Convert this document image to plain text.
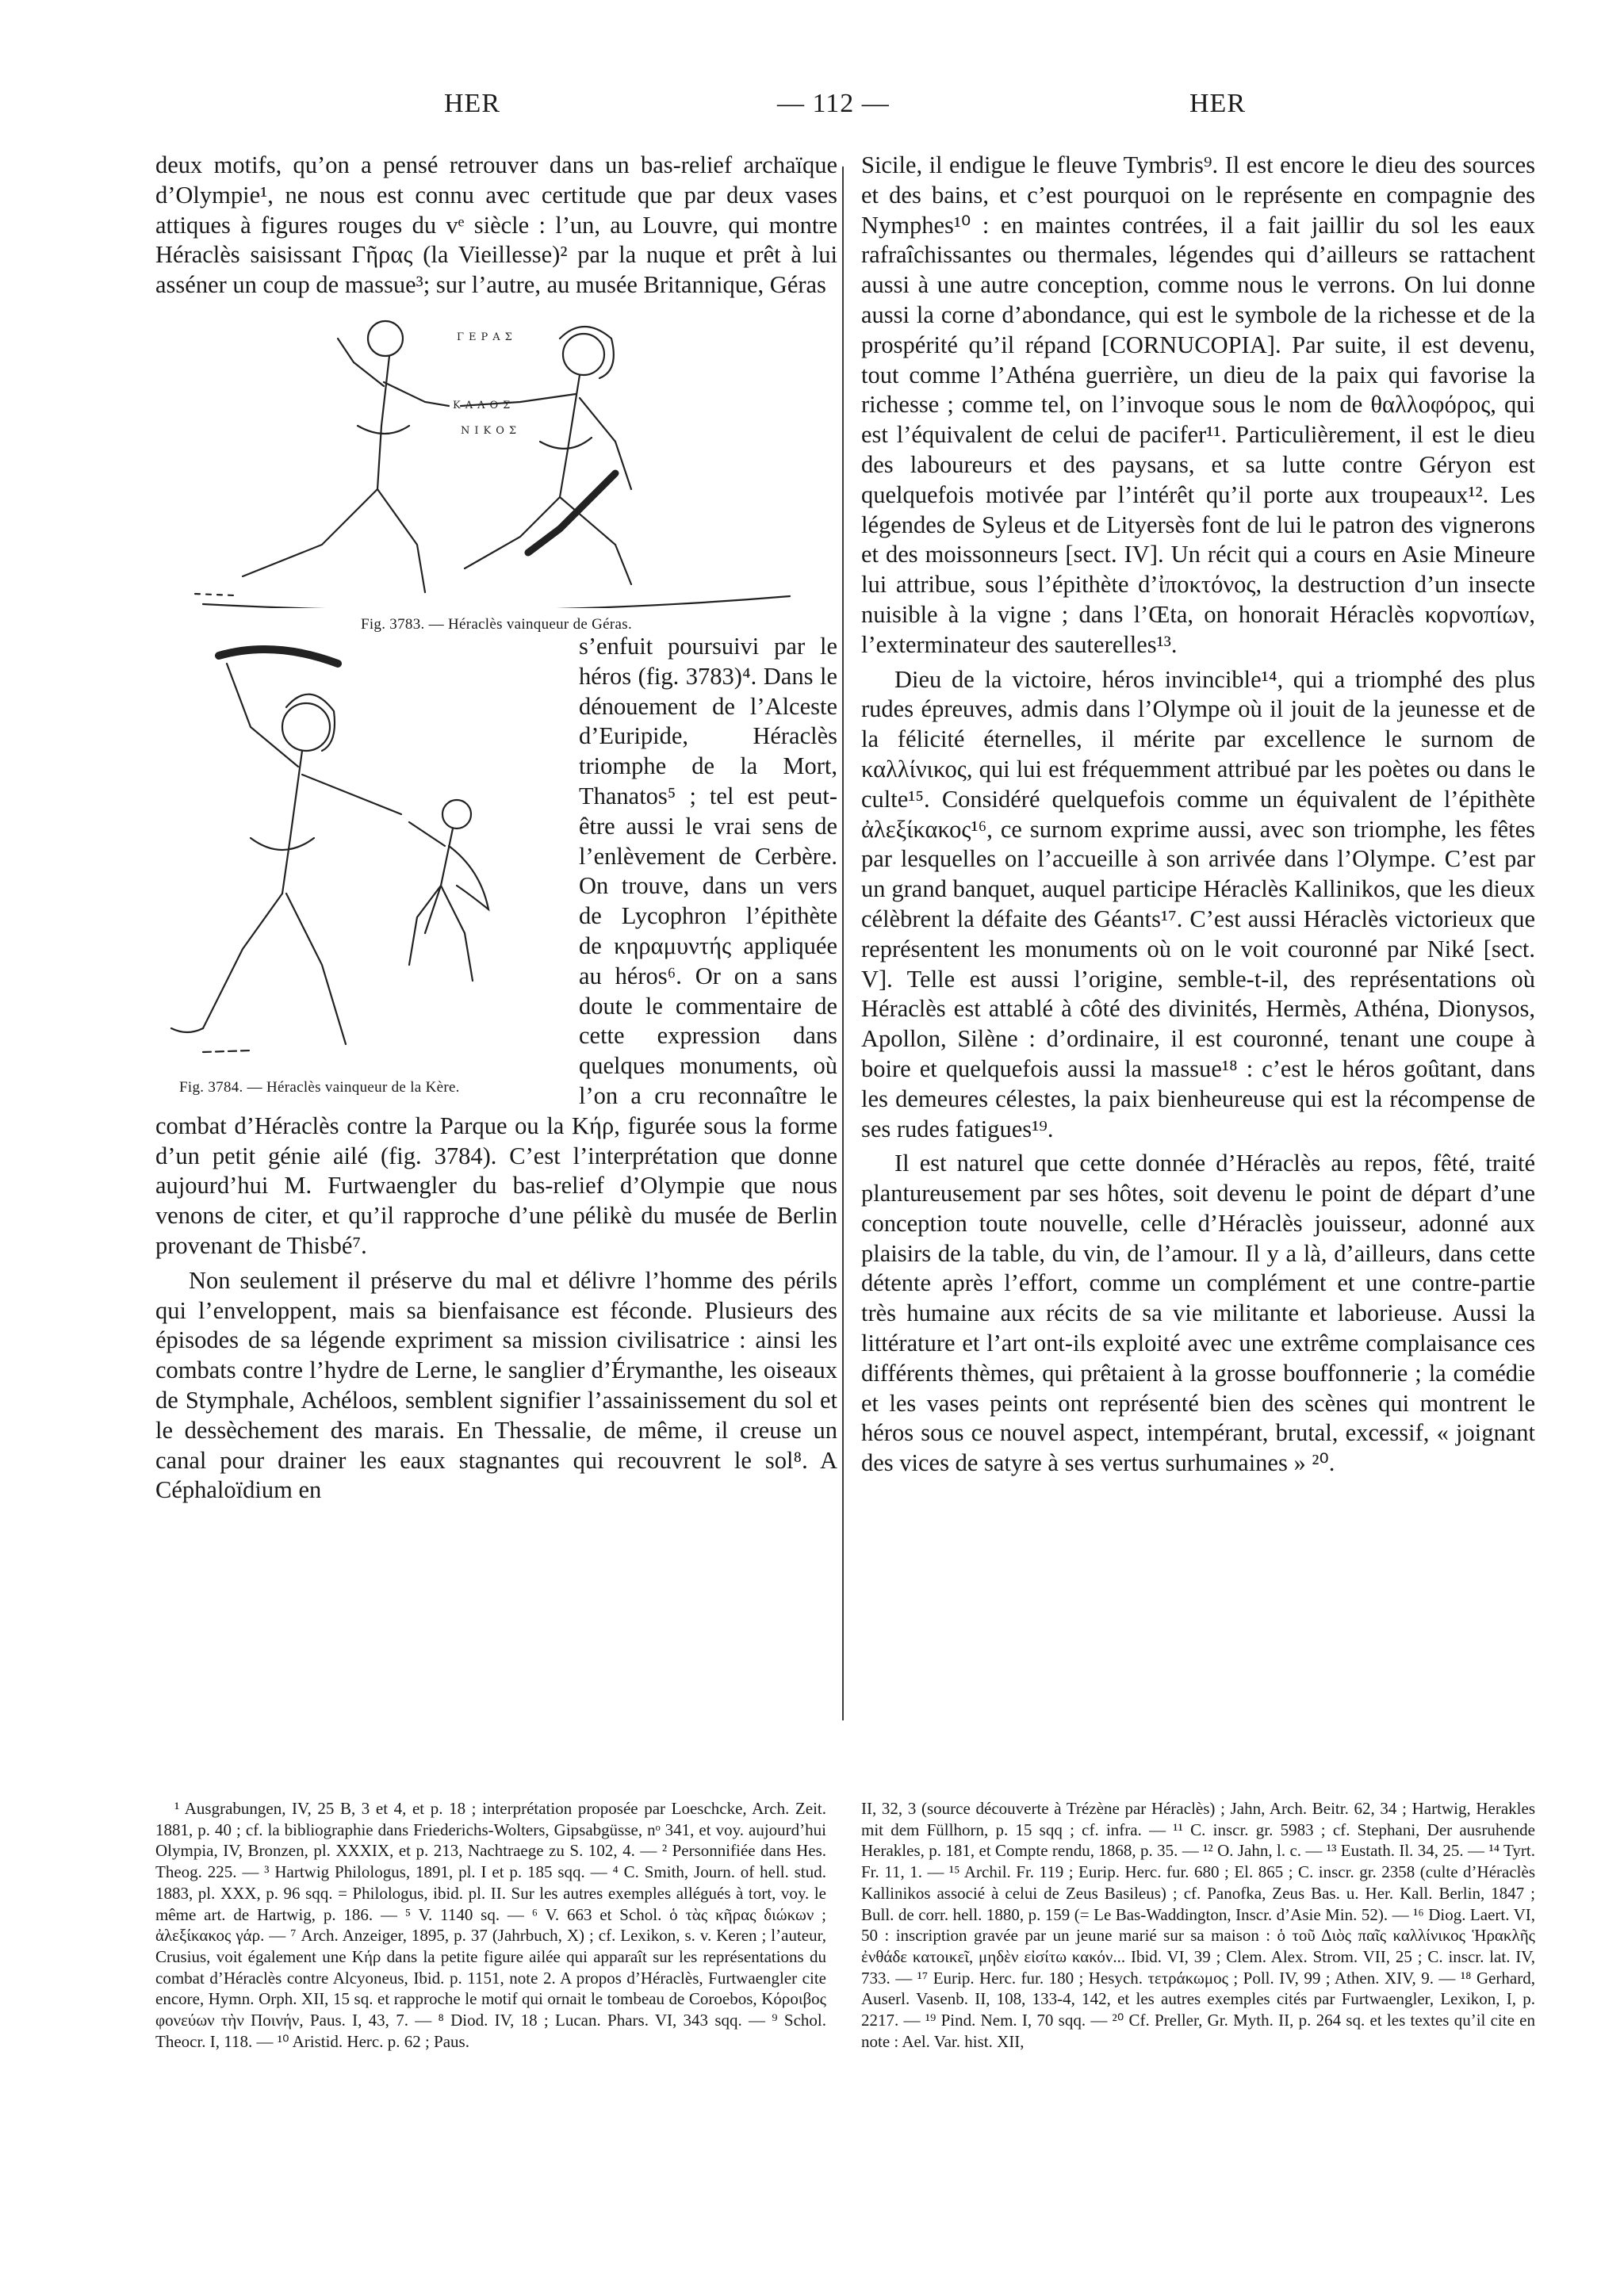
HER	— 112 —	HER

deux motifs, qu’on a pensé retrouver dans un bas-relief archaïque d’Olympie¹, ne nous est connu avec certitude que par deux vases attiques à figures rouges du vᵉ siècle : l’un, au Louvre, qui montre Héraclès saisissant Γῆρας (la Vieillesse)² par la nuque et prêt à lui asséner un coup de massue³; sur l’autre, au musée Britannique, Géras

ΓΕΡΑΣ
ΚΑΛΟΣ
ΝΙΚΟΣ
Fig. 3783. — Héraclès vainqueur de Géras.
Fig. 3784. — Héraclès vainqueur de la Kère.

s’enfuit poursuivi par le héros (fig. 3783)⁴. Dans le dénouement de l’Alceste d’Euripide, Héraclès triomphe de la Mort, Thanatos⁵ ; tel est peut-être aussi le vrai sens de l’enlèvement de Cerbère. On trouve, dans un vers de Lycophron l’épithète de κηραμυντής appliquée au héros⁶. Or on a sans doute le commentaire de cette expression dans quelques monuments, où l’on a cru reconnaître le combat d’Héraclès contre la Parque ou la Κήρ, figurée sous la forme d’un petit génie ailé (fig. 3784). C’est l’interprétation que donne aujourd’hui M. Furtwaengler du bas-relief d’Olympie que nous venons de citer, et qu’il rapproche d’une pélikè du musée de Berlin provenant de Thisbé⁷.

Non seulement il préserve du mal et délivre l’homme des périls qui l’enveloppent, mais sa bienfaisance est féconde. Plusieurs des épisodes de sa légende expriment sa mission civilisatrice : ainsi les combats contre l’hydre de Lerne, le sanglier d’Érymanthe, les oiseaux de Stymphale, Achéloos, semblent signifier l’assainissement du sol et le dessèchement des marais. En Thessalie, de même, il creuse un canal pour drainer les eaux stagnantes qui recouvrent le sol⁸. A Céphaloïdium en

Sicile, il endigue le fleuve Tymbris⁹. Il est encore le dieu des sources et des bains, et c’est pourquoi on le représente en compagnie des Nymphes¹⁰ : en maintes contrées, il a fait jaillir du sol les eaux rafraîchissantes ou thermales, légendes qui d’ailleurs se rattachent aussi à une autre conception, comme nous le verrons. On lui donne aussi la corne d’abondance, qui est le symbole de la richesse et de la prospérité qu’il répand [CORNUCOPIA]. Par suite, il est devenu, tout comme l’Athéna guerrière, un dieu de la paix qui favorise la richesse ; comme tel, on l’invoque sous le nom de θαλλοφόρος, qui est l’équivalent de celui de pacifer¹¹. Particulièrement, il est le dieu des laboureurs et des paysans, et sa lutte contre Géryon est quelquefois motivée par l’intérêt qu’il porte aux troupeaux¹². Les légendes de Syleus et de Lityersès font de lui le patron des vignerons et des moissonneurs [sect. IV]. Un récit qui a cours en Asie Mineure lui attribue, sous l’épithète d’ἰποκτόνος, la destruction d’un insecte nuisible à la vigne ; dans l’Œta, on honorait Héraclès κορνοπίων, l’exterminateur des sauterelles¹³.

Dieu de la victoire, héros invincible¹⁴, qui a triomphé des plus rudes épreuves, admis dans l’Olympe où il jouit de la jeunesse et de la félicité éternelles, il mérite par excellence le surnom de καλλίνικος, qui lui est fréquemment attribué par les poètes ou dans le culte¹⁵. Considéré quelquefois comme un équivalent de l’épithète ἀλεξίκακος¹⁶, ce surnom exprime aussi, avec son triomphe, les fêtes par lesquelles on l’accueille à son arrivée dans l’Olympe. C’est par un grand banquet, auquel participe Héraclès Kallinikos, que les dieux célèbrent la défaite des Géants¹⁷. C’est aussi Héraclès victorieux que représentent les monuments où on le voit couronné par Niké [sect. V]. Telle est aussi l’origine, semble-t-il, des représentations où Héraclès est attablé à côté des divinités, Hermès, Athéna, Dionysos, Apollon, Silène : d’ordinaire, il est couronné, tenant une coupe à boire et quelquefois aussi la massue¹⁸ : c’est le héros goûtant, dans les demeures célestes, la paix bienheureuse qui est la récompense de ses rudes fatigues¹⁹.

Il est naturel que cette donnée d’Héraclès au repos, fêté, traité plantureusement par ses hôtes, soit devenu le point de départ d’une conception toute nouvelle, celle d’Héraclès jouisseur, adonné aux plaisirs de la table, du vin, de l’amour. Il y a là, d’ailleurs, dans cette détente après l’effort, comme un complément et une contre-partie très humaine aux récits de sa vie militante et laborieuse. Aussi la littérature et l’art ont-ils exploité avec une extrême complaisance ces différents thèmes, qui prêtaient à la grosse bouffonnerie ; la comédie et les vases peints ont représenté bien des scènes qui montrent le héros sous ce nouvel aspect, intempérant, brutal, excessif, « joignant des vices de satyre à ses vertus surhumaines » ²⁰.

¹ Ausgrabungen, IV, 25 B, 3 et 4, et p. 18 ; interprétation proposée par Loeschcke, Arch. Zeit. 1881, p. 40 ; cf. la bibliographie dans Friederichs-Wolters, Gipsabgüsse, nᵒ 341, et voy. aujourd’hui Olympia, IV, Bronzen, pl. XXXIX, et p. 213, Nachtraege zu S. 102, 4. — ² Personnifiée dans Hes. Theog. 225. — ³ Hartwig Philologus, 1891, pl. I et p. 185 sqq. — ⁴ C. Smith, Journ. of hell. stud. 1883, pl. XXX, p. 96 sqq. = Philologus, ibid. pl. II. Sur les autres exemples allégués à tort, voy. le même art. de Hartwig, p. 186. — ⁵ V. 1140 sq. — ⁶ V. 663 et Schol. ὁ τὰς κῆρας διώκων ; ἀλεξίκακος γάρ. — ⁷ Arch. Anzeiger, 1895, p. 37 (Jahrbuch, X) ; cf. Lexikon, s. v. Keren ; l’auteur, Crusius, voit également une Κήρ dans la petite figure ailée qui apparaît sur les représentations du combat d’Héraclès contre Alcyoneus, Ibid. p. 1151, note 2. A propos d’Héraclès, Furtwaengler cite encore, Hymn. Orph. XII, 15 sq. et rapproche le motif qui ornait le tombeau de Coroebos, Κόροιβος φονεύων τὴν Ποινήν, Paus. I, 43, 7. — ⁸ Diod. IV, 18 ; Lucan. Phars. VI, 343 sqq. — ⁹ Schol. Theocr. I, 118. — ¹⁰ Aristid. Herc. p. 62 ; Paus.

II, 32, 3 (source découverte à Trézène par Héraclès) ; Jahn, Arch. Beitr. 62, 34 ; Hartwig, Herakles mit dem Füllhorn, p. 15 sqq ; cf. infra. — ¹¹ C. inscr. gr. 5983 ; cf. Stephani, Der ausruhende Herakles, p. 181, et Compte rendu, 1868, p. 35. — ¹² O. Jahn, l. c. — ¹³ Eustath. Il. 34, 25. — ¹⁴ Tyrt. Fr. 11, 1. — ¹⁵ Archil. Fr. 119 ; Eurip. Herc. fur. 680 ; El. 865 ; C. inscr. gr. 2358 (culte d’Héraclès Kallinikos associé à celui de Zeus Basileus) ; cf. Panofka, Zeus Bas. u. Her. Kall. Berlin, 1847 ; Bull. de corr. hell. 1880, p. 159 (= Le Bas-Waddington, Inscr. d’Asie Min. 52). — ¹⁶ Diog. Laert. VI, 50 : inscription gravée par un jeune marié sur sa maison : ὁ τοῦ Διὸς παῖς καλλίνικος Ἡρακλῆς ἐνθάδε κατοικεῖ, μηδὲν εἰσίτω κακόν... Ibid. VI, 39 ; Clem. Alex. Strom. VII, 25 ; C. inscr. lat. IV, 733. — ¹⁷ Eurip. Herc. fur. 180 ; Hesych. τετράκωμος ; Poll. IV, 99 ; Athen. XIV, 9. — ¹⁸ Gerhard, Auserl. Vasenb. II, 108, 133-4, 142, et les autres exemples cités par Furtwaengler, Lexikon, I, p. 2217. — ¹⁹ Pind. Nem. I, 70 sqq. — ²⁰ Cf. Preller, Gr. Myth. II, p. 264 sq. et les textes qu’il cite en note : Ael. Var. hist. XII,
